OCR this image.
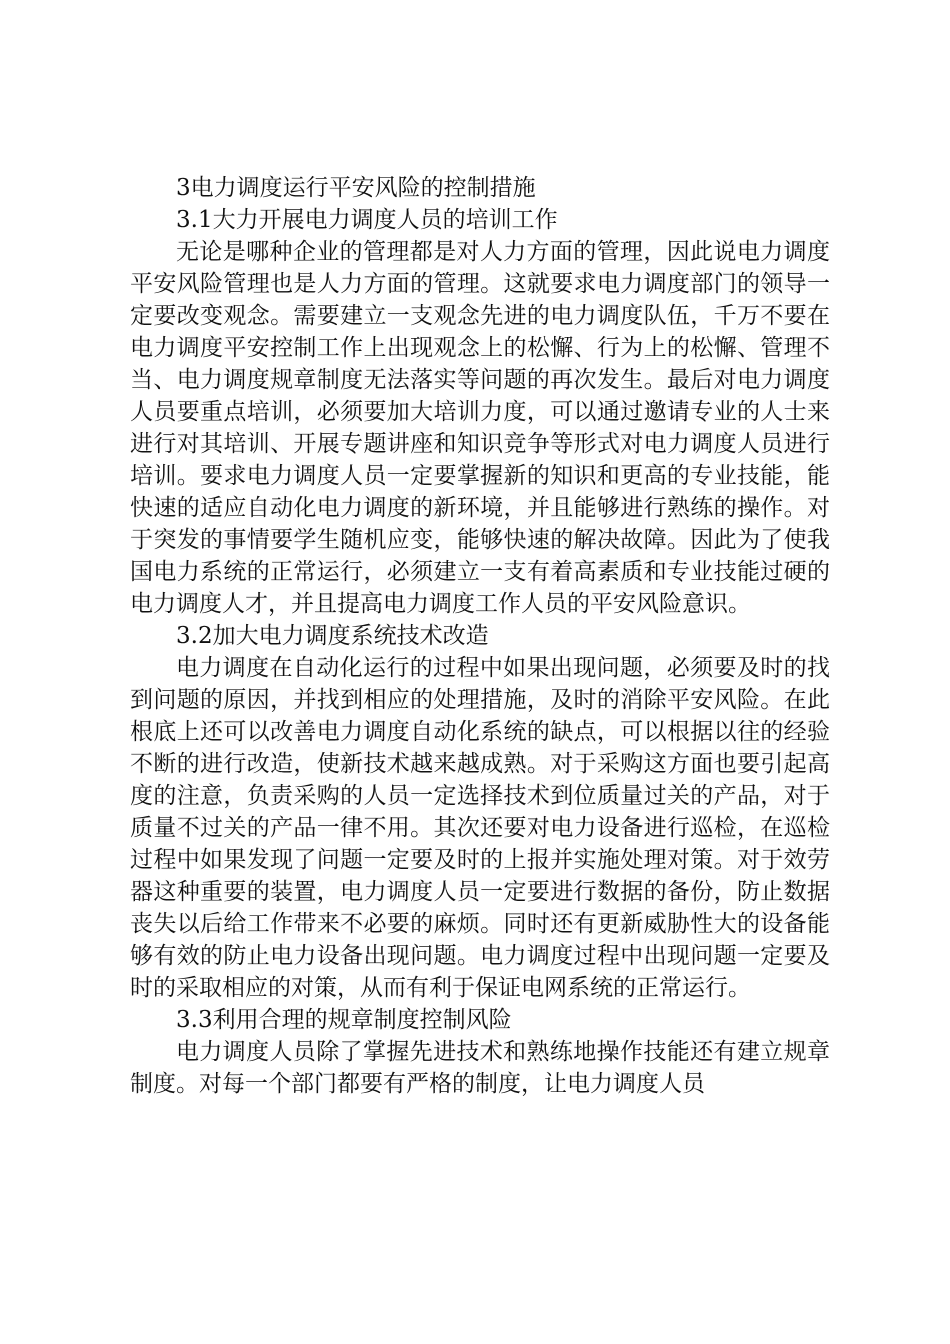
3电力调度运行平安风险的控制措施

3.1大力开展电力调度人员的培训工作

无论是哪种企业的管理都是对人力方面的管理，因此说电力调度平安风险管理也是人力方面的管理。这就要求电力调度部门的领导一定要改变观念。需要建立一支观念先进的电力调度队伍，千万不要在电力调度平安控制工作上出现观念上的松懈、行为上的松懈、管理不当、电力调度规章制度无法落实等问题的再次发生。最后对电力调度人员要重点培训，必须要加大培训力度，可以通过邀请专业的人士来进行对其培训、开展专题讲座和知识竞争等形式对电力调度人员进行培训。要求电力调度人员一定要掌握新的知识和更高的专业技能，能快速的适应自动化电力调度的新环境，并且能够进行熟练的操作。对于突发的事情要学生随机应变，能够快速的解决故障。因此为了使我国电力系统的正常运行，必须建立一支有着高素质和专业技能过硬的电力调度人才，并且提高电力调度工作人员的平安风险意识。

3.2加大电力调度系统技术改造

电力调度在自动化运行的过程中如果出现问题，必须要及时的找到问题的原因，并找到相应的处理措施，及时的消除平安风险。在此根底上还可以改善电力调度自动化系统的缺点，可以根据以往的经验不断的进行改造，使新技术越来越成熟。对于采购这方面也要引起高度的注意，负责采购的人员一定选择技术到位质量过关的产品，对于质量不过关的产品一律不用。其次还要对电力设备进行巡检，在巡检过程中如果发现了问题一定要及时的上报并实施处理对策。对于效劳器这种重要的装置，电力调度人员一定要进行数据的备份，防止数据丧失以后给工作带来不必要的麻烦。同时还有更新威胁性大的设备能够有效的防止电力设备出现问题。电力调度过程中出现问题一定要及时的采取相应的对策，从而有利于保证电网系统的正常运行。

3.3利用合理的规章制度控制风险

电力调度人员除了掌握先进技术和熟练地操作技能还有建立规章制度。对每一个部门都要有严格的制度，让电力调度人员
